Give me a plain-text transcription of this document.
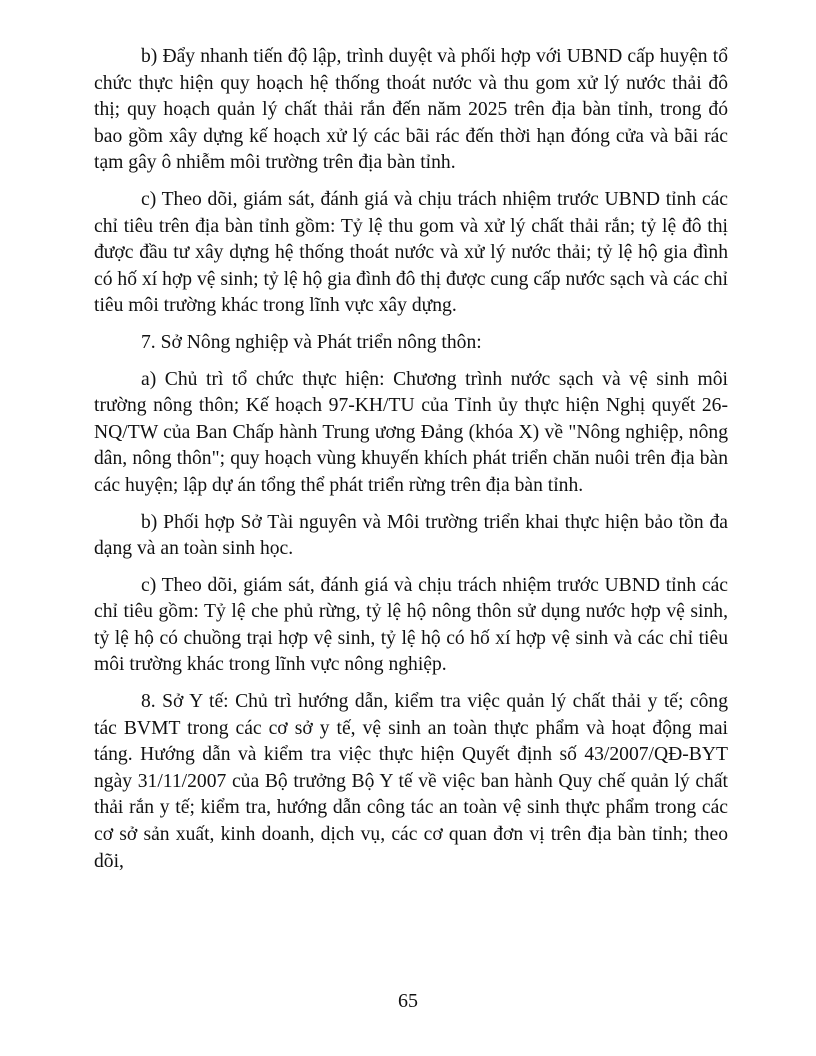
b) Đẩy nhanh tiến độ lập, trình duyệt và phối hợp với UBND cấp huyện tổ chức thực hiện quy hoạch hệ thống thoát nước và thu gom xử lý nước thải đô thị; quy hoạch quản lý chất thải rắn đến năm 2025 trên địa bàn tỉnh, trong đó bao gồm xây dựng kế hoạch xử lý các bãi rác đến thời hạn đóng cửa và bãi rác tạm gây ô nhiễm môi trường trên địa bàn tỉnh.

c) Theo dõi, giám sát, đánh giá và chịu trách nhiệm trước UBND tỉnh các chỉ tiêu trên địa bàn tỉnh gồm: Tỷ lệ thu gom và xử lý chất thải rắn; tỷ lệ đô thị được đầu tư xây dựng hệ thống thoát nước và xử lý nước thải; tỷ lệ hộ gia đình có hố xí hợp vệ sinh; tỷ lệ hộ gia đình đô thị được cung cấp nước sạch và các chỉ tiêu môi trường khác trong lĩnh vực xây dựng.

7. Sở Nông nghiệp và Phát triển nông thôn:

a) Chủ trì tổ chức thực hiện: Chương trình nước sạch và vệ sinh môi trường nông thôn; Kế hoạch 97-KH/TU của Tỉnh ủy thực hiện Nghị quyết 26-NQ/TW của Ban Chấp hành Trung ương Đảng (khóa X) về "Nông nghiệp, nông dân, nông thôn"; quy hoạch vùng khuyến khích phát triển chăn nuôi trên địa bàn các huyện; lập dự án tổng thể phát triển rừng trên địa bàn tỉnh.

b) Phối hợp Sở Tài nguyên và Môi trường triển khai thực hiện bảo tồn đa dạng và an toàn sinh học.

c) Theo dõi, giám sát, đánh giá và chịu trách nhiệm trước UBND tỉnh các chỉ tiêu gồm: Tỷ lệ che phủ rừng, tỷ lệ hộ nông thôn sử dụng nước hợp vệ sinh, tỷ lệ hộ có chuồng trại hợp vệ sinh, tỷ lệ hộ có hố xí hợp vệ sinh và các chỉ tiêu môi trường khác trong lĩnh vực nông nghiệp.

8. Sở Y tế: Chủ trì hướng dẫn, kiểm tra việc quản lý chất thải y tế; công tác BVMT trong các cơ sở y tế, vệ sinh an toàn thực phẩm và hoạt động mai táng. Hướng dẫn và kiểm tra việc thực hiện Quyết định số 43/2007/QĐ-BYT ngày 31/11/2007 của Bộ trưởng Bộ Y tế về việc ban hành Quy chế quản lý chất thải rắn y tế; kiểm tra, hướng dẫn công tác an toàn vệ sinh thực phẩm trong các cơ sở sản xuất, kinh doanh, dịch vụ, các cơ quan đơn vị trên địa bàn tỉnh; theo dõi,

65
